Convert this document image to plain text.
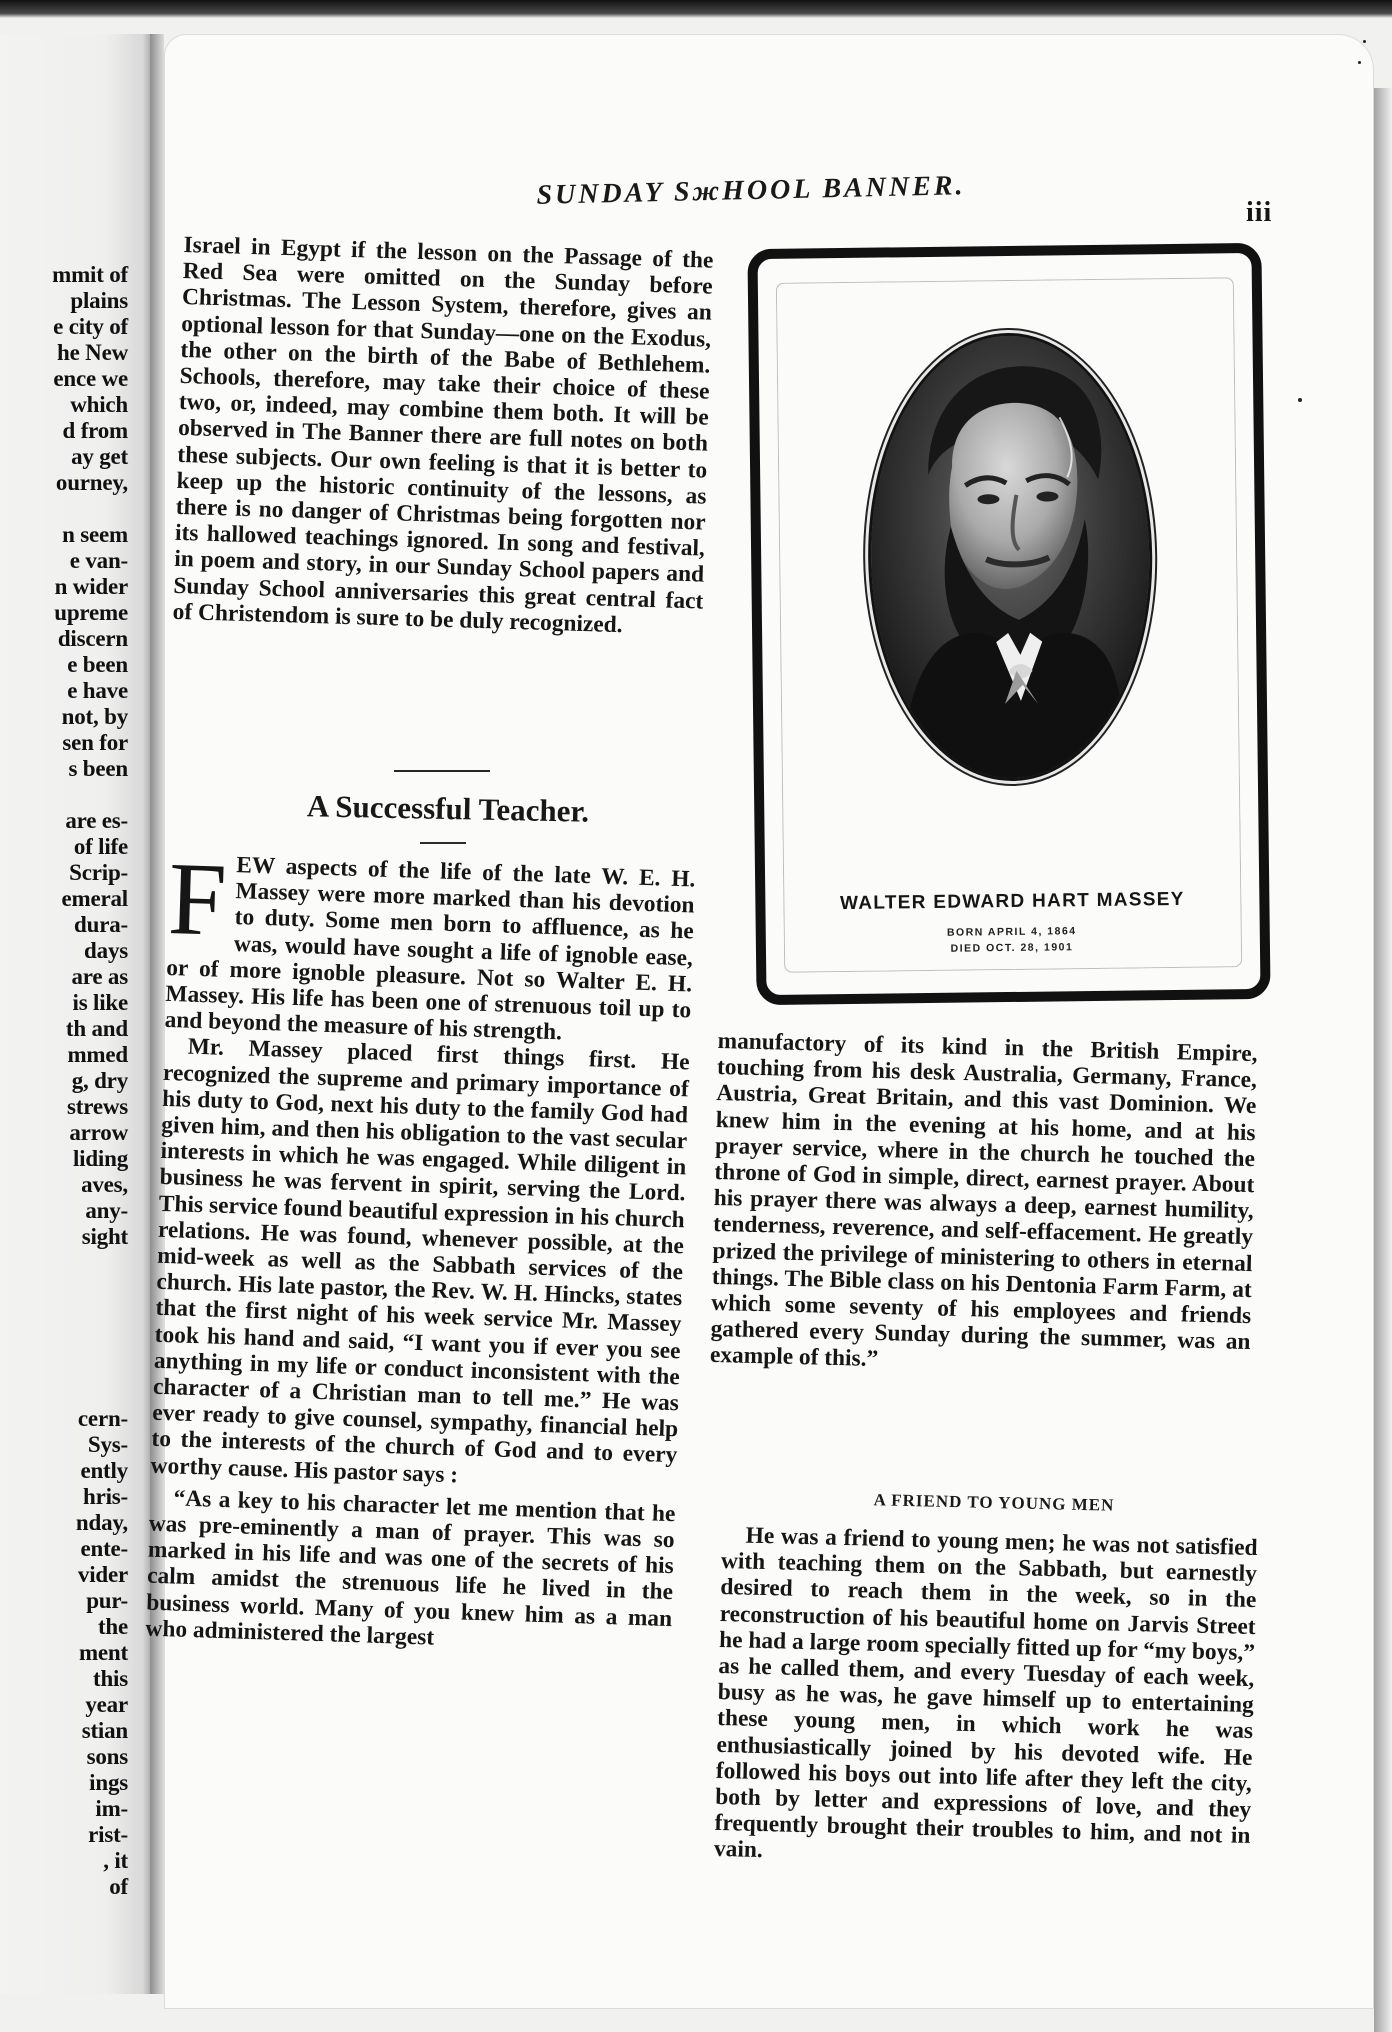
mmit of
plains
e city of
he New
ence we
which
d from
ay get
ourney,

n seem
e van-
n wider
upreme
discern
e been
e have
not, by
sen for
s been

are es-
of life
Scrip-
emeral
dura-
days
are as
is like
th and
mmed
g, dry
strews
arrow
liding
aves,
any-
sight

cern-
Sys-
ently
hris-
nday,
ente-
vider
pur-
the
ment
this
year
stian
sons
ings
im-
rist-
, it
of
SUNDAY SжHOOL BANNER.
iii

Israel in Egypt if the lesson on the Passage of the Red Sea were omitted on the Sunday before Christmas. The Lesson System, therefore, gives an optional lesson for that Sunday—one on the Exodus, the other on the birth of the Babe of Bethlehem. Schools, therefore, may take their choice of these two, or, indeed, may combine them both. It will be observed in The Banner there are full notes on both these subjects. Our own feeling is that it is better to keep up the historic continuity of the lessons, as there is no danger of Christmas being forgotten nor its hallowed teachings ignored. In song and festival, in poem and story, in our Sunday School papers and Sunday School anniversaries this great central fact of Christendom is sure to be duly recognized.

A Successful Teacher.

F EW aspects of the life of the late W. E. H. Massey were more marked than his devotion to duty. Some men born to affluence, as he was, would have sought a life of ignoble ease, or of more ignoble pleasure. Not so Walter E. H. Massey. His life has been one of strenuous toil up to and beyond the measure of his strength.

Mr. Massey placed first things first. He recognized the supreme and primary importance of his duty to God, next his duty to the family God had given him, and then his obligation to the vast secular interests in which he was engaged. While diligent in business he was fervent in spirit, serving the Lord. This service found beautiful expression in his church relations. He was found, whenever possible, at the mid-week as well as the Sabbath services of the church. His late pastor, the Rev. W. H. Hincks, states that the first night of his week service Mr. Massey took his hand and said, “I want you if ever you see anything in my life or conduct inconsistent with the character of a Christian man to tell me.” He was ever ready to give counsel, sympathy, financial help to the interests of the church of God and to every worthy cause. His pastor says :

“As a key to his character let me mention that he was pre-eminently a man of prayer. This was so marked in his life and was one of the secrets of his calm amidst the strenuous life he lived in the business world. Many of you knew him as a man who administered the largest

WALTER EDWARD HART MASSEY
BORN APRIL 4, 1864
DIED OCT. 28, 1901

manufactory of its kind in the British Empire, touching from his desk Australia, Germany, France, Austria, Great Britain, and this vast Dominion. We knew him in the evening at his home, and at his prayer service, where in the church he touched the throne of God in simple, direct, earnest prayer. About his prayer there was always a deep, earnest humility, tenderness, reverence, and self-effacement. He greatly prized the privilege of ministering to others in eternal things. The Bible class on his Dentonia Farm Farm, at which some seventy of his employees and friends gathered every Sunday during the summer, was an example of this.”

A FRIEND TO YOUNG MEN

He was a friend to young men; he was not satisfied with teaching them on the Sabbath, but earnestly desired to reach them in the week, so in the reconstruction of his beautiful home on Jarvis Street he had a large room specially fitted up for “my boys,” as he called them, and every Tuesday of each week, busy as he was, he gave himself up to entertaining these young men, in which work he was enthusiastically joined by his devoted wife. He followed his boys out into life after they left the city, both by letter and expressions of love, and they frequently brought their troubles to him, and not in vain.
